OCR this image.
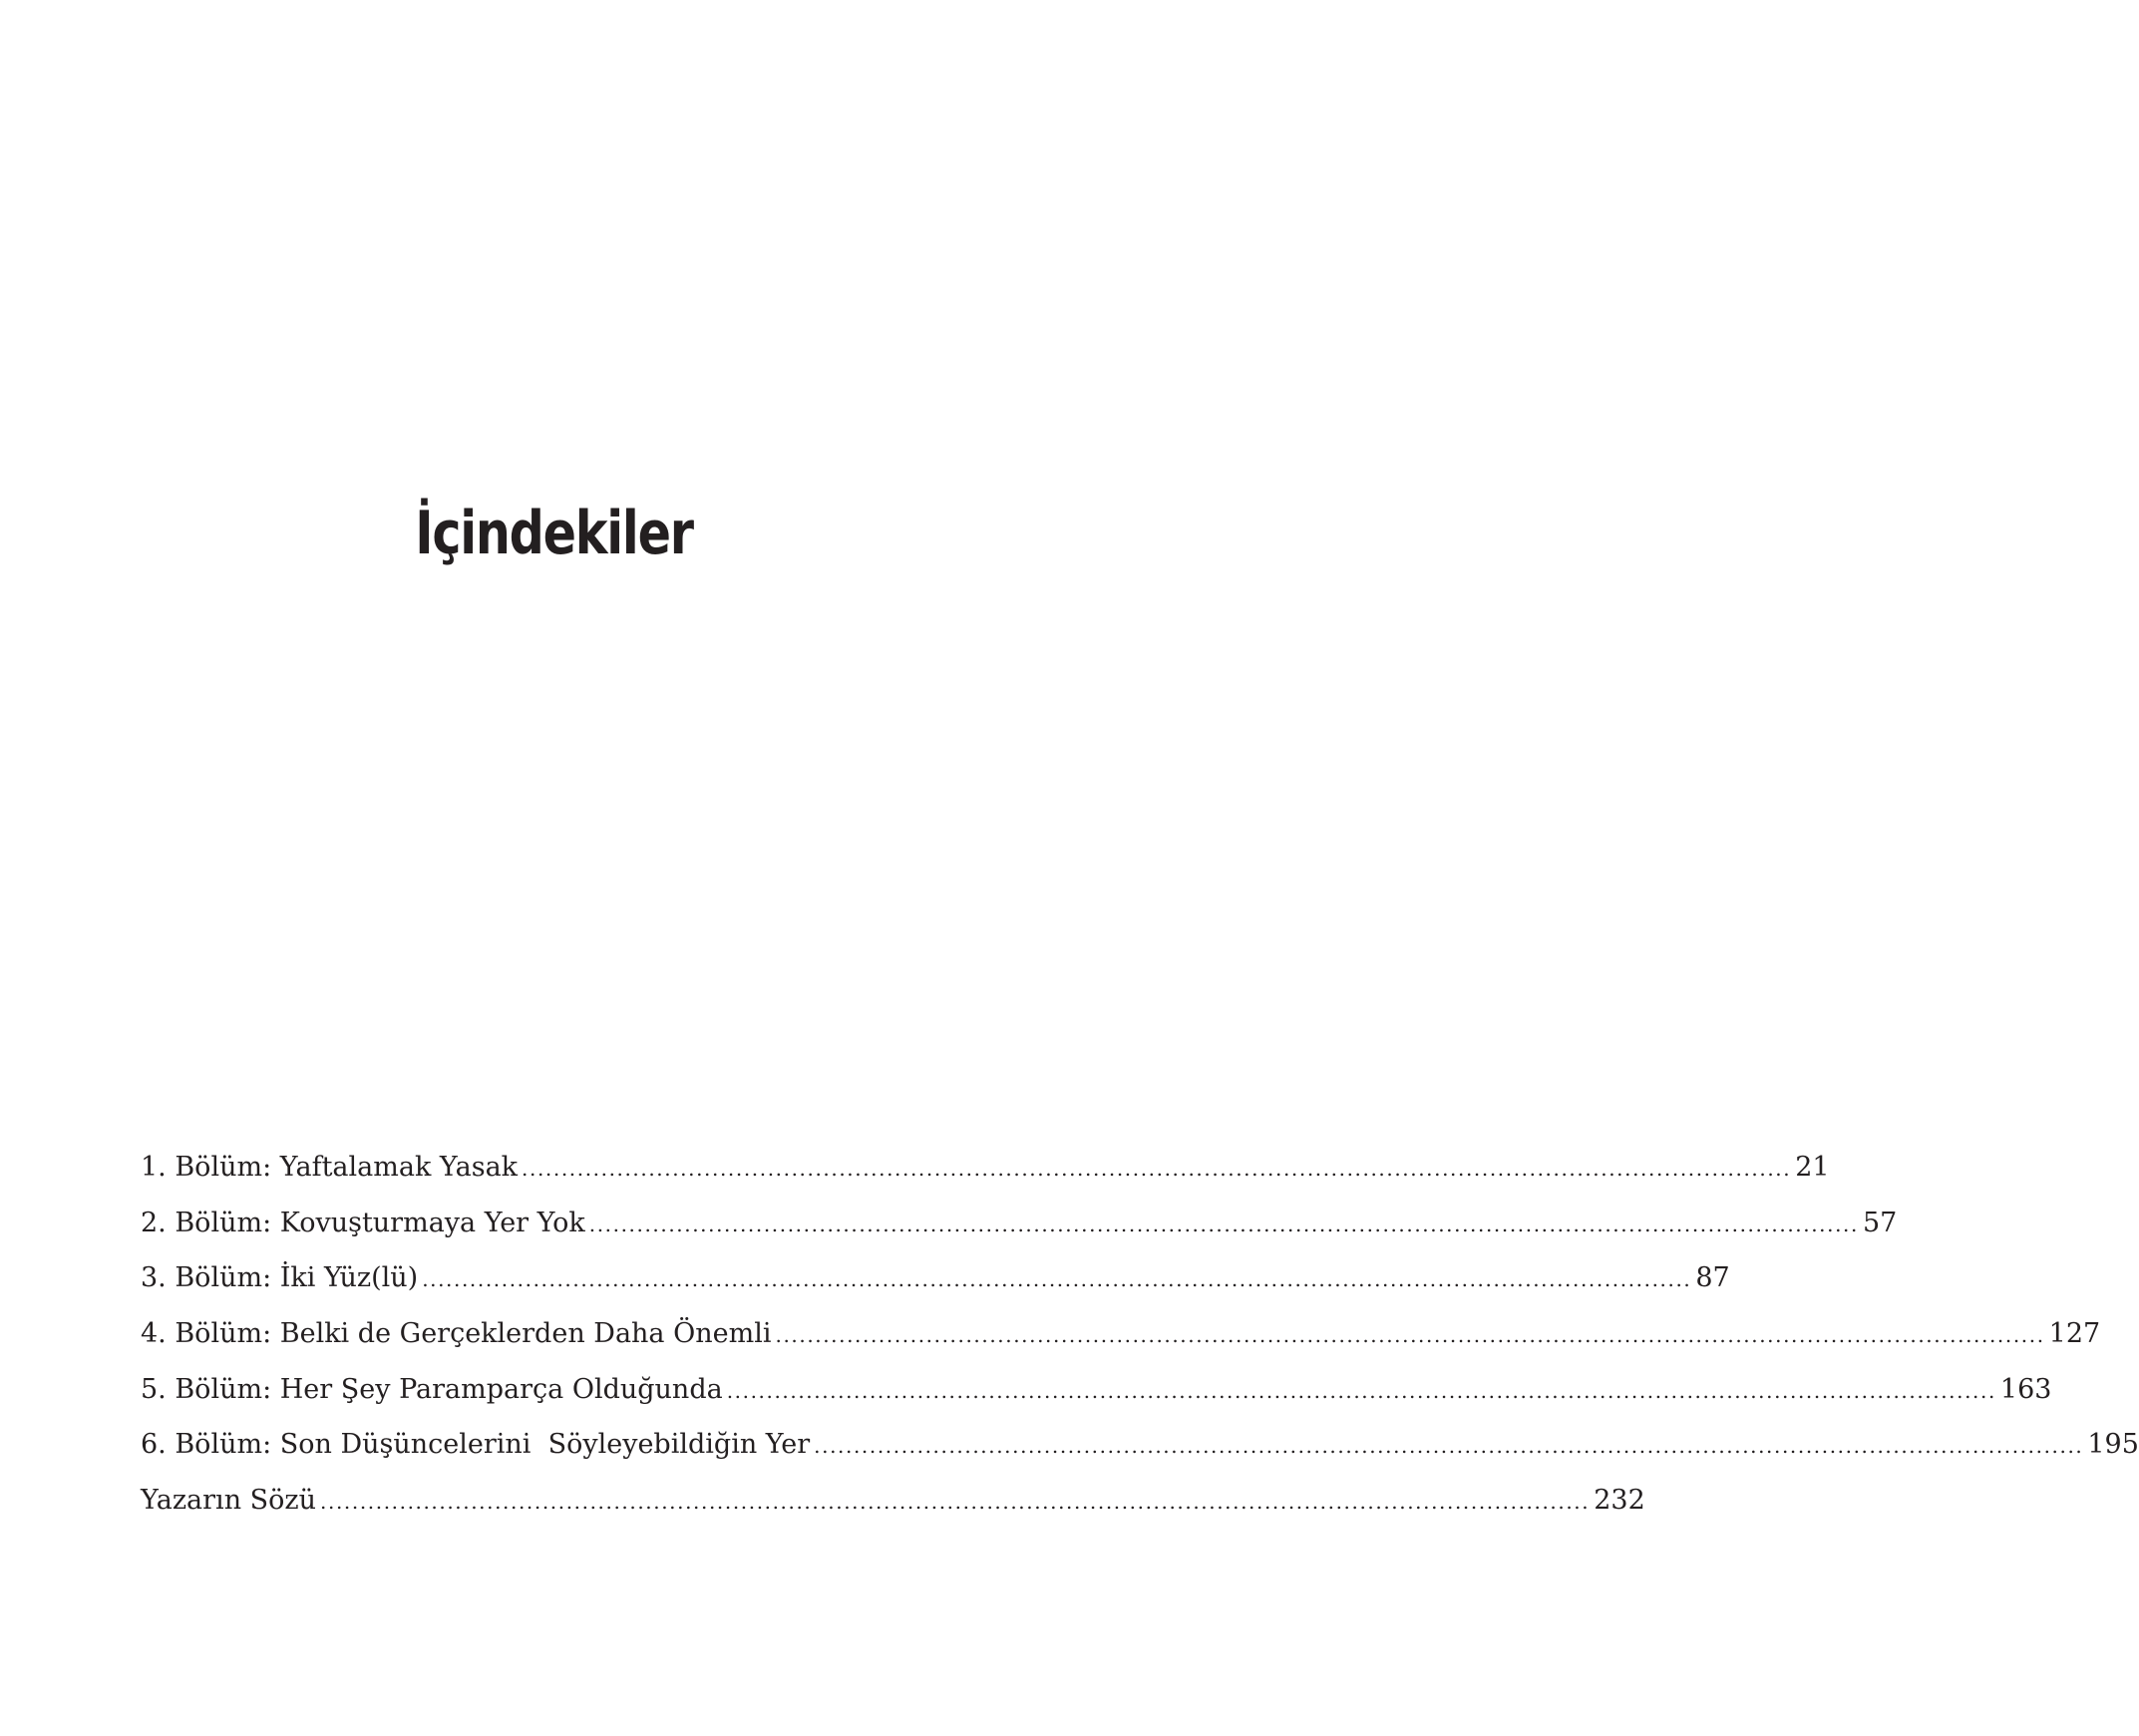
İçindekiler
1. Bölüm: Yaftalamak Yasak ................................................................................................................................................................ 21
2. Bölüm: Kovuşturmaya Yer Yok ................................................................................................................................................................ 57
3. Bölüm: İki Yüz(lü) ................................................................................................................................................................ 87
4. Bölüm: Belki de Gerçeklerden Daha Önemli ................................................................................................................................................................ 127
5. Bölüm: Her Şey Paramparça Olduğunda ................................................................................................................................................................ 163
6. Bölüm: Son Düşüncelerini  Söyleyebildiğin Yer ................................................................................................................................................................ 195
Yazarın Sözü ................................................................................................................................................................ 232
